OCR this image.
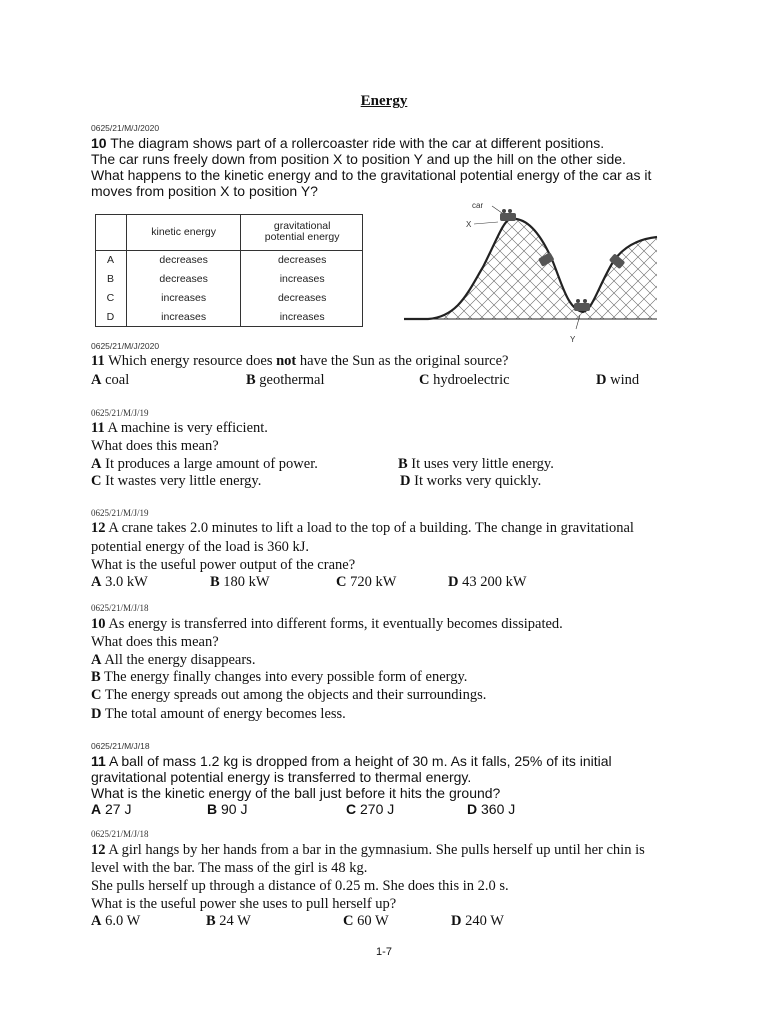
Energy
0625/21/M/J/2020
10 The diagram shows part of a rollercoaster ride with the car at different positions.
The car runs freely down from position X to position Y and up the hill on the other side.
What happens to the kinetic energy and to the gravitational potential energy of the car as it
moves from position X to position Y?
	kinetic energy	gravitational
potential energy
A	decreases	decreases
B	decreases	increases
C	increases	decreases
D	increases	increases
car
X
Y
0625/21/M/J/2020
11 Which energy resource does not have the Sun as the original source?
A coal	B geothermal	C hydroelectric	D wind
0625/21/M/J/19
11 A machine is very efficient.
What does this mean?
A It produces a large amount of power.	B It uses very little energy.
C It wastes very little energy.	D It works very quickly.
0625/21/M/J/19
12 A crane takes 2.0 minutes to lift a load to the top of a building. The change in gravitational
potential energy of the load is 360 kJ.
What is the useful power output of the crane?
A 3.0 kW	B 180 kW	C 720 kW	D 43 200 kW
0625/21/M/J/18
10 As energy is transferred into different forms, it eventually becomes dissipated.
What does this mean?
A All the energy disappears.
B The energy finally changes into every possible form of energy.
C The energy spreads out among the objects and their surroundings.
D The total amount of energy becomes less.
0625/21/M/J/18
11 A ball of mass 1.2 kg is dropped from a height of 30 m. As it falls, 25% of its initial
gravitational potential energy is transferred to thermal energy.
What is the kinetic energy of the ball just before it hits the ground?
A 27 J	B 90 J	C 270 J	D 360 J
0625/21/M/J/18
12 A girl hangs by her hands from a bar in the gymnasium. She pulls herself up until her chin is
level with the bar. The mass of the girl is 48 kg.
She pulls herself up through a distance of 0.25 m. She does this in 2.0 s.
What is the useful power she uses to pull herself up?
A 6.0 W	B 24 W	C 60 W	D 240 W
1-7
